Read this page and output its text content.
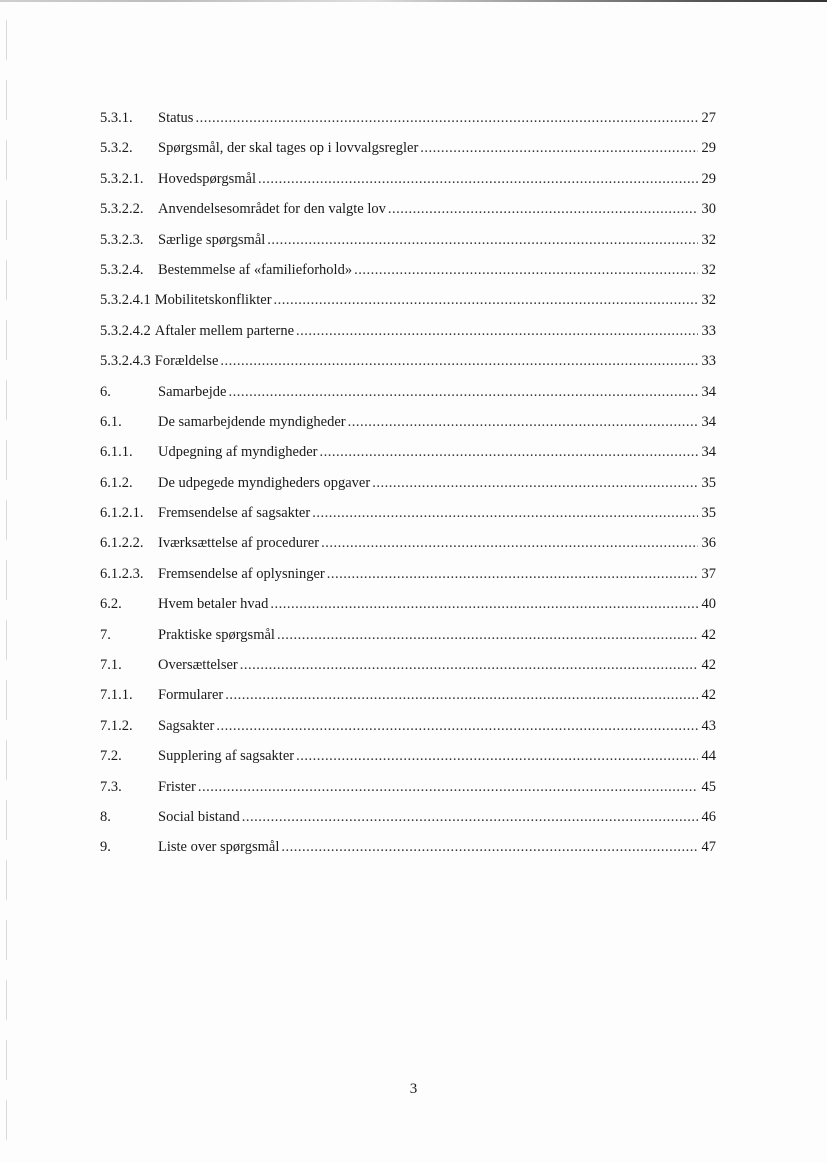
5.3.1.	Status .....	27
5.3.2.	Spørgsmål, der skal tages op i lovvalgsregler .....	29
5.3.2.1.	Hovedspørgsmål .....	29
5.3.2.2.	Anvendelsesområdet for den valgte lov .....	30
5.3.2.3.	Særlige spørgsmål .....	32
5.3.2.4.	Bestemmelse af «familieforhold» .....	32
5.3.2.4.1 Mobilitetskonflikter .....	32
5.3.2.4.2 Aftaler mellem parterne .....	33
5.3.2.4.3 Forældelse .....	33
6.	Samarbejde .....	34
6.1.	De samarbejdende myndigheder .....	34
6.1.1.	Udpegning af myndigheder .....	34
6.1.2.	De udpegede myndigheders opgaver .....	35
6.1.2.1.	Fremsendelse af sagsakter .....	35
6.1.2.2.	Iværksættelse af procedurer .....	36
6.1.2.3.	Fremsendelse af oplysninger .....	37
6.2.	Hvem betaler hvad .....	40
7.	Praktiske spørgsmål .....	42
7.1.	Oversættelser .....	42
7.1.1.	Formularer .....	42
7.1.2.	Sagsakter .....	43
7.2.	Supplering af sagsakter .....	44
7.3.	Frister .....	45
8.	Social bistand .....	46
9.	Liste over spørgsmål .....	47
3
